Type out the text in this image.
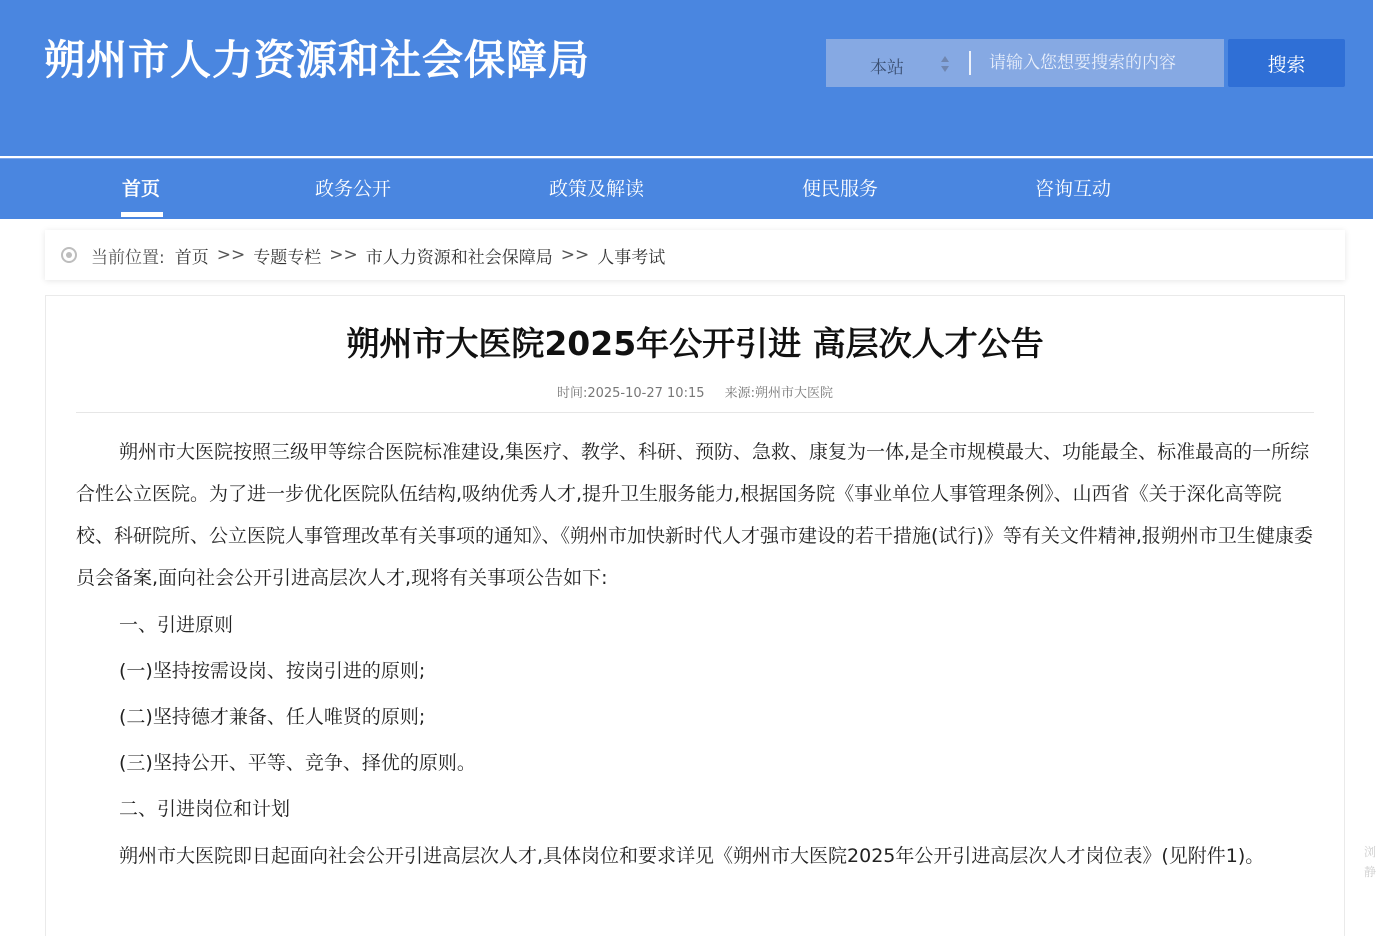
朔州市人力资源和社会保障局	本站
请输入您想要搜索的内容	搜索
首页	政务公开	政策及解读	便民服务	咨询互动
当前位置: 首页 >> 专题专栏 >> 市人力资源和社会保障局 >> 人事考试
朔州市大医院2025年公开引进 高层次人才公告
时间:2025-10-27 10:15 来源:朔州市大医院

朔州市大医院按照三级甲等综合医院标准建设,集医疗、教学、科研、预防、急救、康复为一体,是全市规模最大、功能最全、标准最高的一所综合性公立医院。为了进一步优化医院队伍结构,吸纳优秀人才,提升卫生服务能力,根据国务院《事业单位人事管理条例》、山西省《关于深化高等院校、科研院所、公立医院人事管理改革有关事项的通知》、《朔州市加快新时代人才强市建设的若干措施(试行)》等有关文件精神,报朔州市卫生健康委员会备案,面向社会公开引进高层次人才,现将有关事项公告如下:

一、引进原则

(一)坚持按需设岗、按岗引进的原则;

(二)坚持德才兼备、任人唯贤的原则;

(三)坚持公开、平等、竞争、择优的原则。

二、引进岗位和计划

朔州市大医院即日起面向社会公开引进高层次人才,具体岗位和要求详见《朔州市大医院2025年公开引进高层次人才岗位表》(见附件1)。	浏 静
